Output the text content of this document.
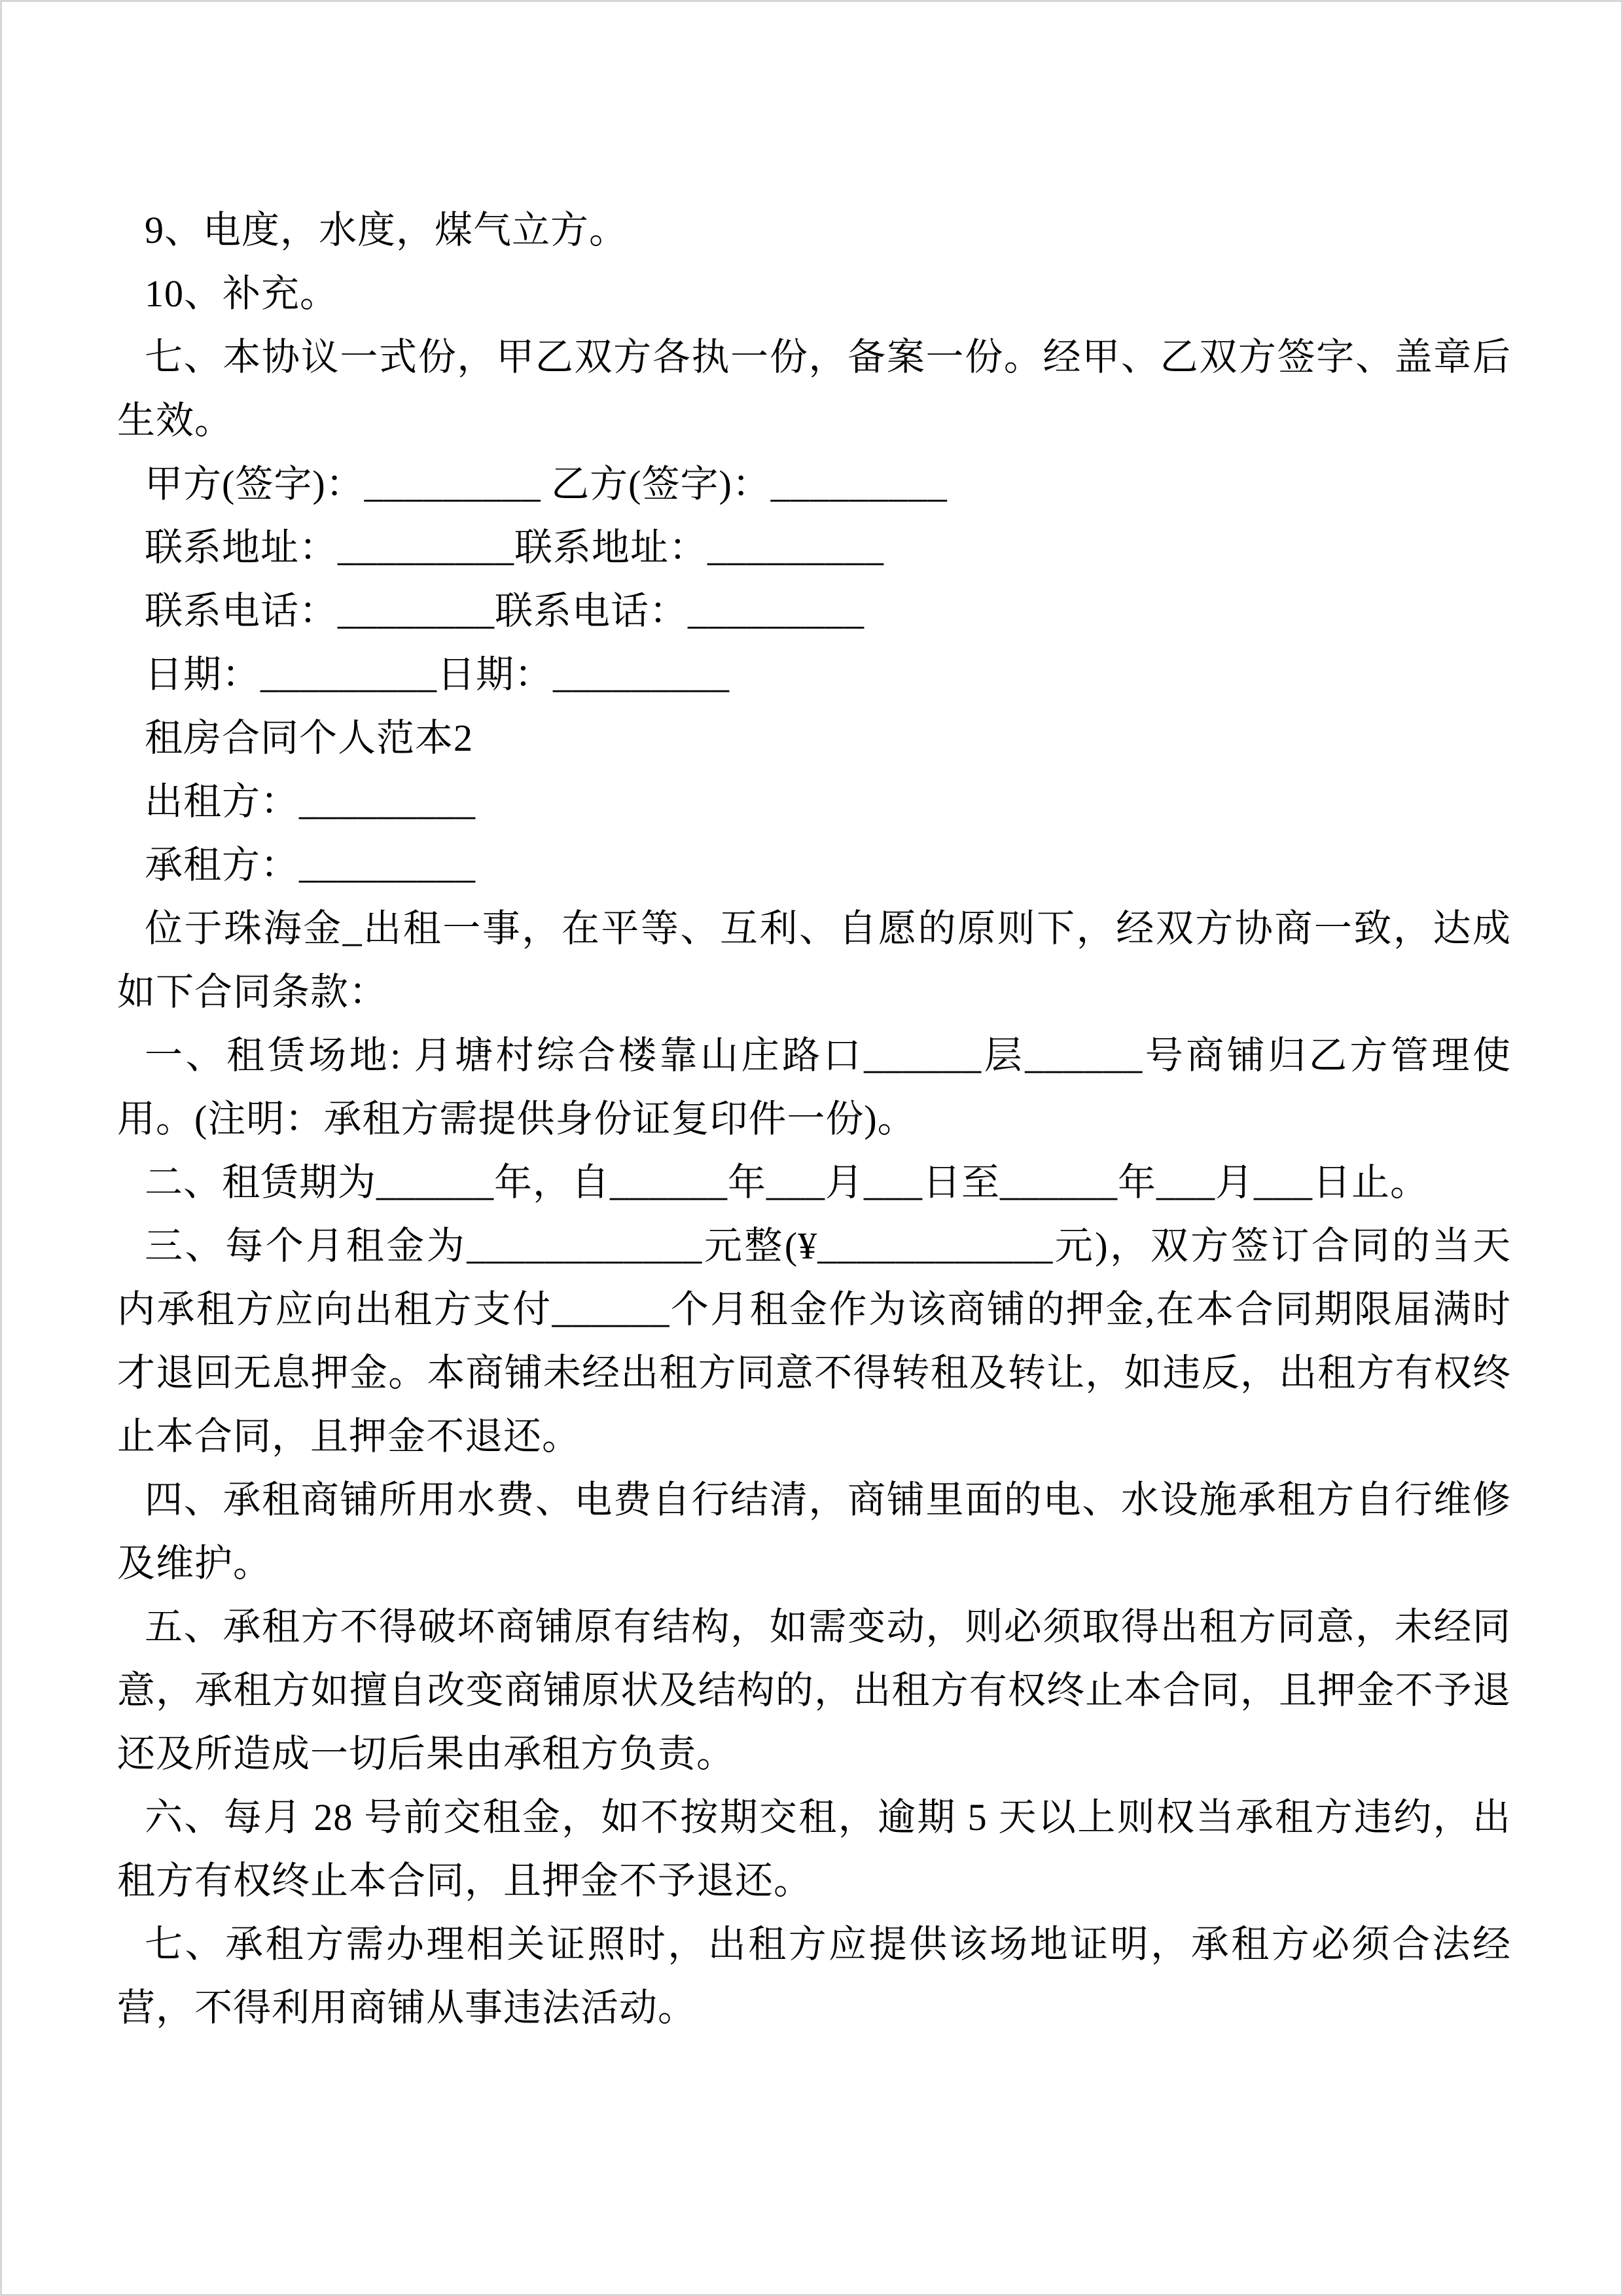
9、电度，水度，煤气立方。

10、补充。

七、本协议一式份，甲乙双方各执一份，备案一份。经甲、乙双方签字、盖章后生效。

甲方(签字)：_________ 乙方(签字)：_________

联系地址：_________联系地址：_________

联系电话：________联系电话：_________

日期：_________日期：_________

租房合同个人范本2

出租方：_________

承租方：_________

位于珠海金_出租一事，在平等、互利、自愿的原则下，经双方协商一致，达成如下合同条款：

一、租赁场地: 月塘村综合楼靠山庄路口______层______号商铺归乙方管理使用。(注明：承租方需提供身份证复印件一份)。

二、租赁期为______年，自______年___月___日至______年___月___日止。

三、每个月租金为____________元整(¥____________元)，双方签订合同的当天内承租方应向出租方支付______个月租金作为该商铺的押金,在本合同期限届满时才退回无息押金。本商铺未经出租方同意不得转租及转让，如违反，出租方有权终止本合同，且押金不退还。

四、承租商铺所用水费、电费自行结清，商铺里面的电、水设施承租方自行维修及维护。

五、承租方不得破坏商铺原有结构，如需变动，则必须取得出租方同意，未经同意，承租方如擅自改变商铺原状及结构的，出租方有权终止本合同，且押金不予退还及所造成一切后果由承租方负责。

六、每月 28 号前交租金，如不按期交租，逾期 5 天以上则权当承租方违约，出租方有权终止本合同，且押金不予退还。

七、承租方需办理相关证照时，出租方应提供该场地证明，承租方必须合法经营，不得利用商铺从事违法活动。
